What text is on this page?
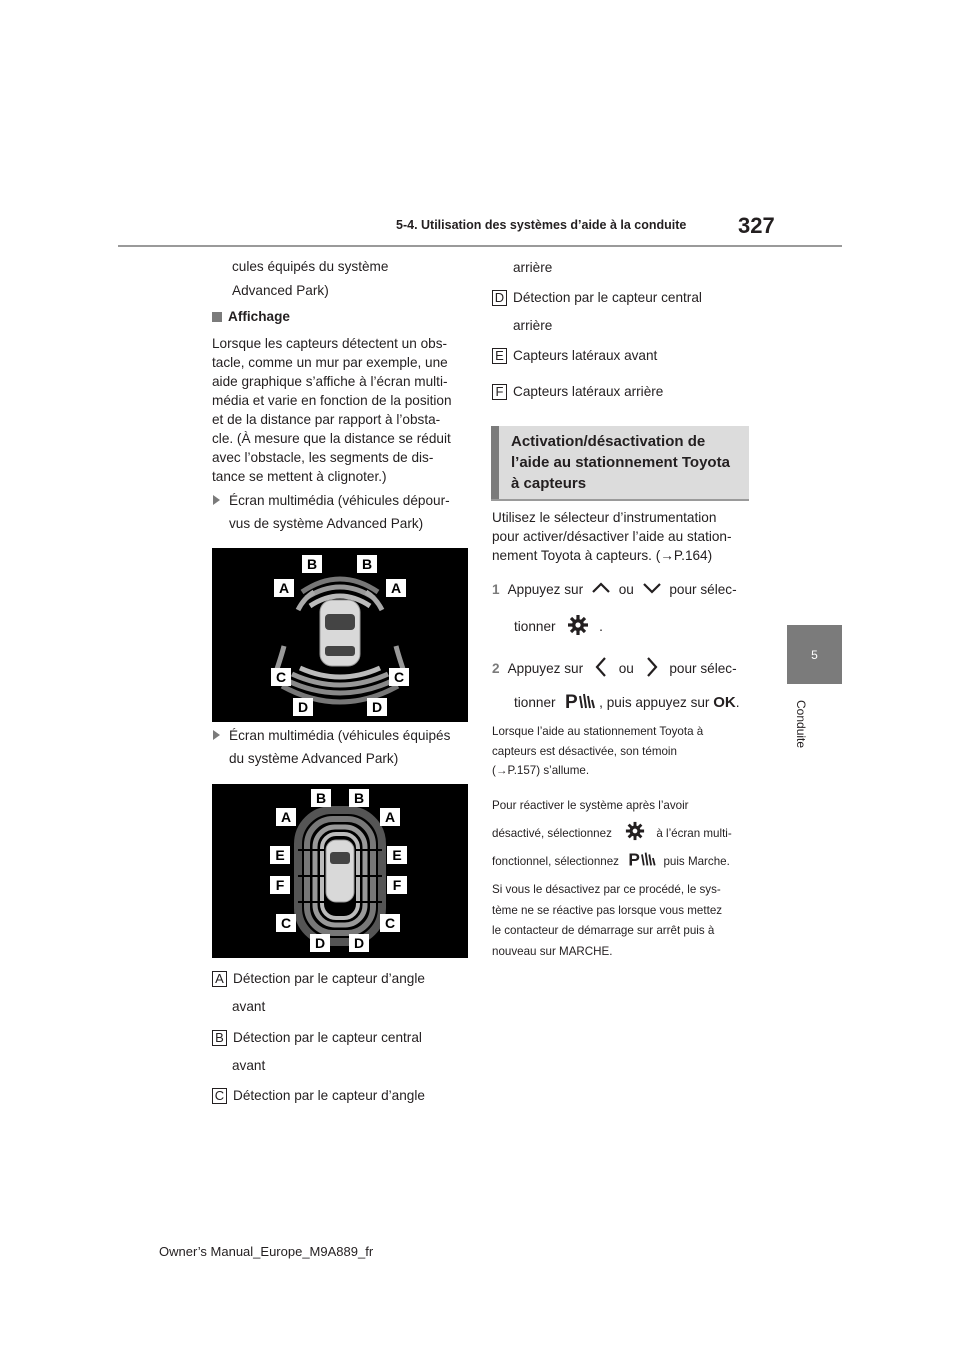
5-4. Utilisation des systèmes d’aide à la conduite 327
5
Conduite
cules équipés du système
Advanced Park)
Affichage
Lorsque les capteurs détectent un obs-
tacle, comme un mur par exemple, une
aide graphique s’affiche à l’écran multi-
média et varie en fonction de la position
et de la distance par rapport à l’obsta-
cle. (À mesure que la distance se réduit
avec l’obstacle, les segments de dis-
tance se mettent à clignoter.)
Écran multimédia (véhicules dépour-
vus de système Advanced Park)
B	B
A	A
C	C
D	D
Écran multimédia (véhicules équipés
du système Advanced Park)
B B
A	A
E	E
F	F
C	C
D D
A Détection par le capteur d’angle
avant
B Détection par le capteur central
avant
C Détection par le capteur d’angle
arrière
D Détection par le capteur central
arrière
E Capteurs latéraux avant
F Capteurs latéraux arrière
Activation/désactivation de
l’aide au stationnement Toyota
à capteurs
Utilisez le sélecteur d’instrumentation
pour activer/désactiver l’aide au station-
nement Toyota à capteurs. (→P.164)
1 Appuyez sur	ou	pour sélec-
tionner	.
2 Appuyez sur	ou	pour sélec-
tionner P , puis appuyez sur OK.
Lorsque l’aide au stationnement Toyota à
capteurs est désactivée, son témoin
(→P.157) s’allume.
Pour réactiver le système après l’avoir
désactivé, sélectionnez	à l’écran multi-
fonctionnel, sélectionnez P puis Marche.
Si vous le désactivez par ce procédé, le sys-
tème ne se réactive pas lorsque vous mettez
le contacteur de démarrage sur arrêt puis à
nouveau sur MARCHE.
Owner’s Manual_Europe_M9A889_fr
